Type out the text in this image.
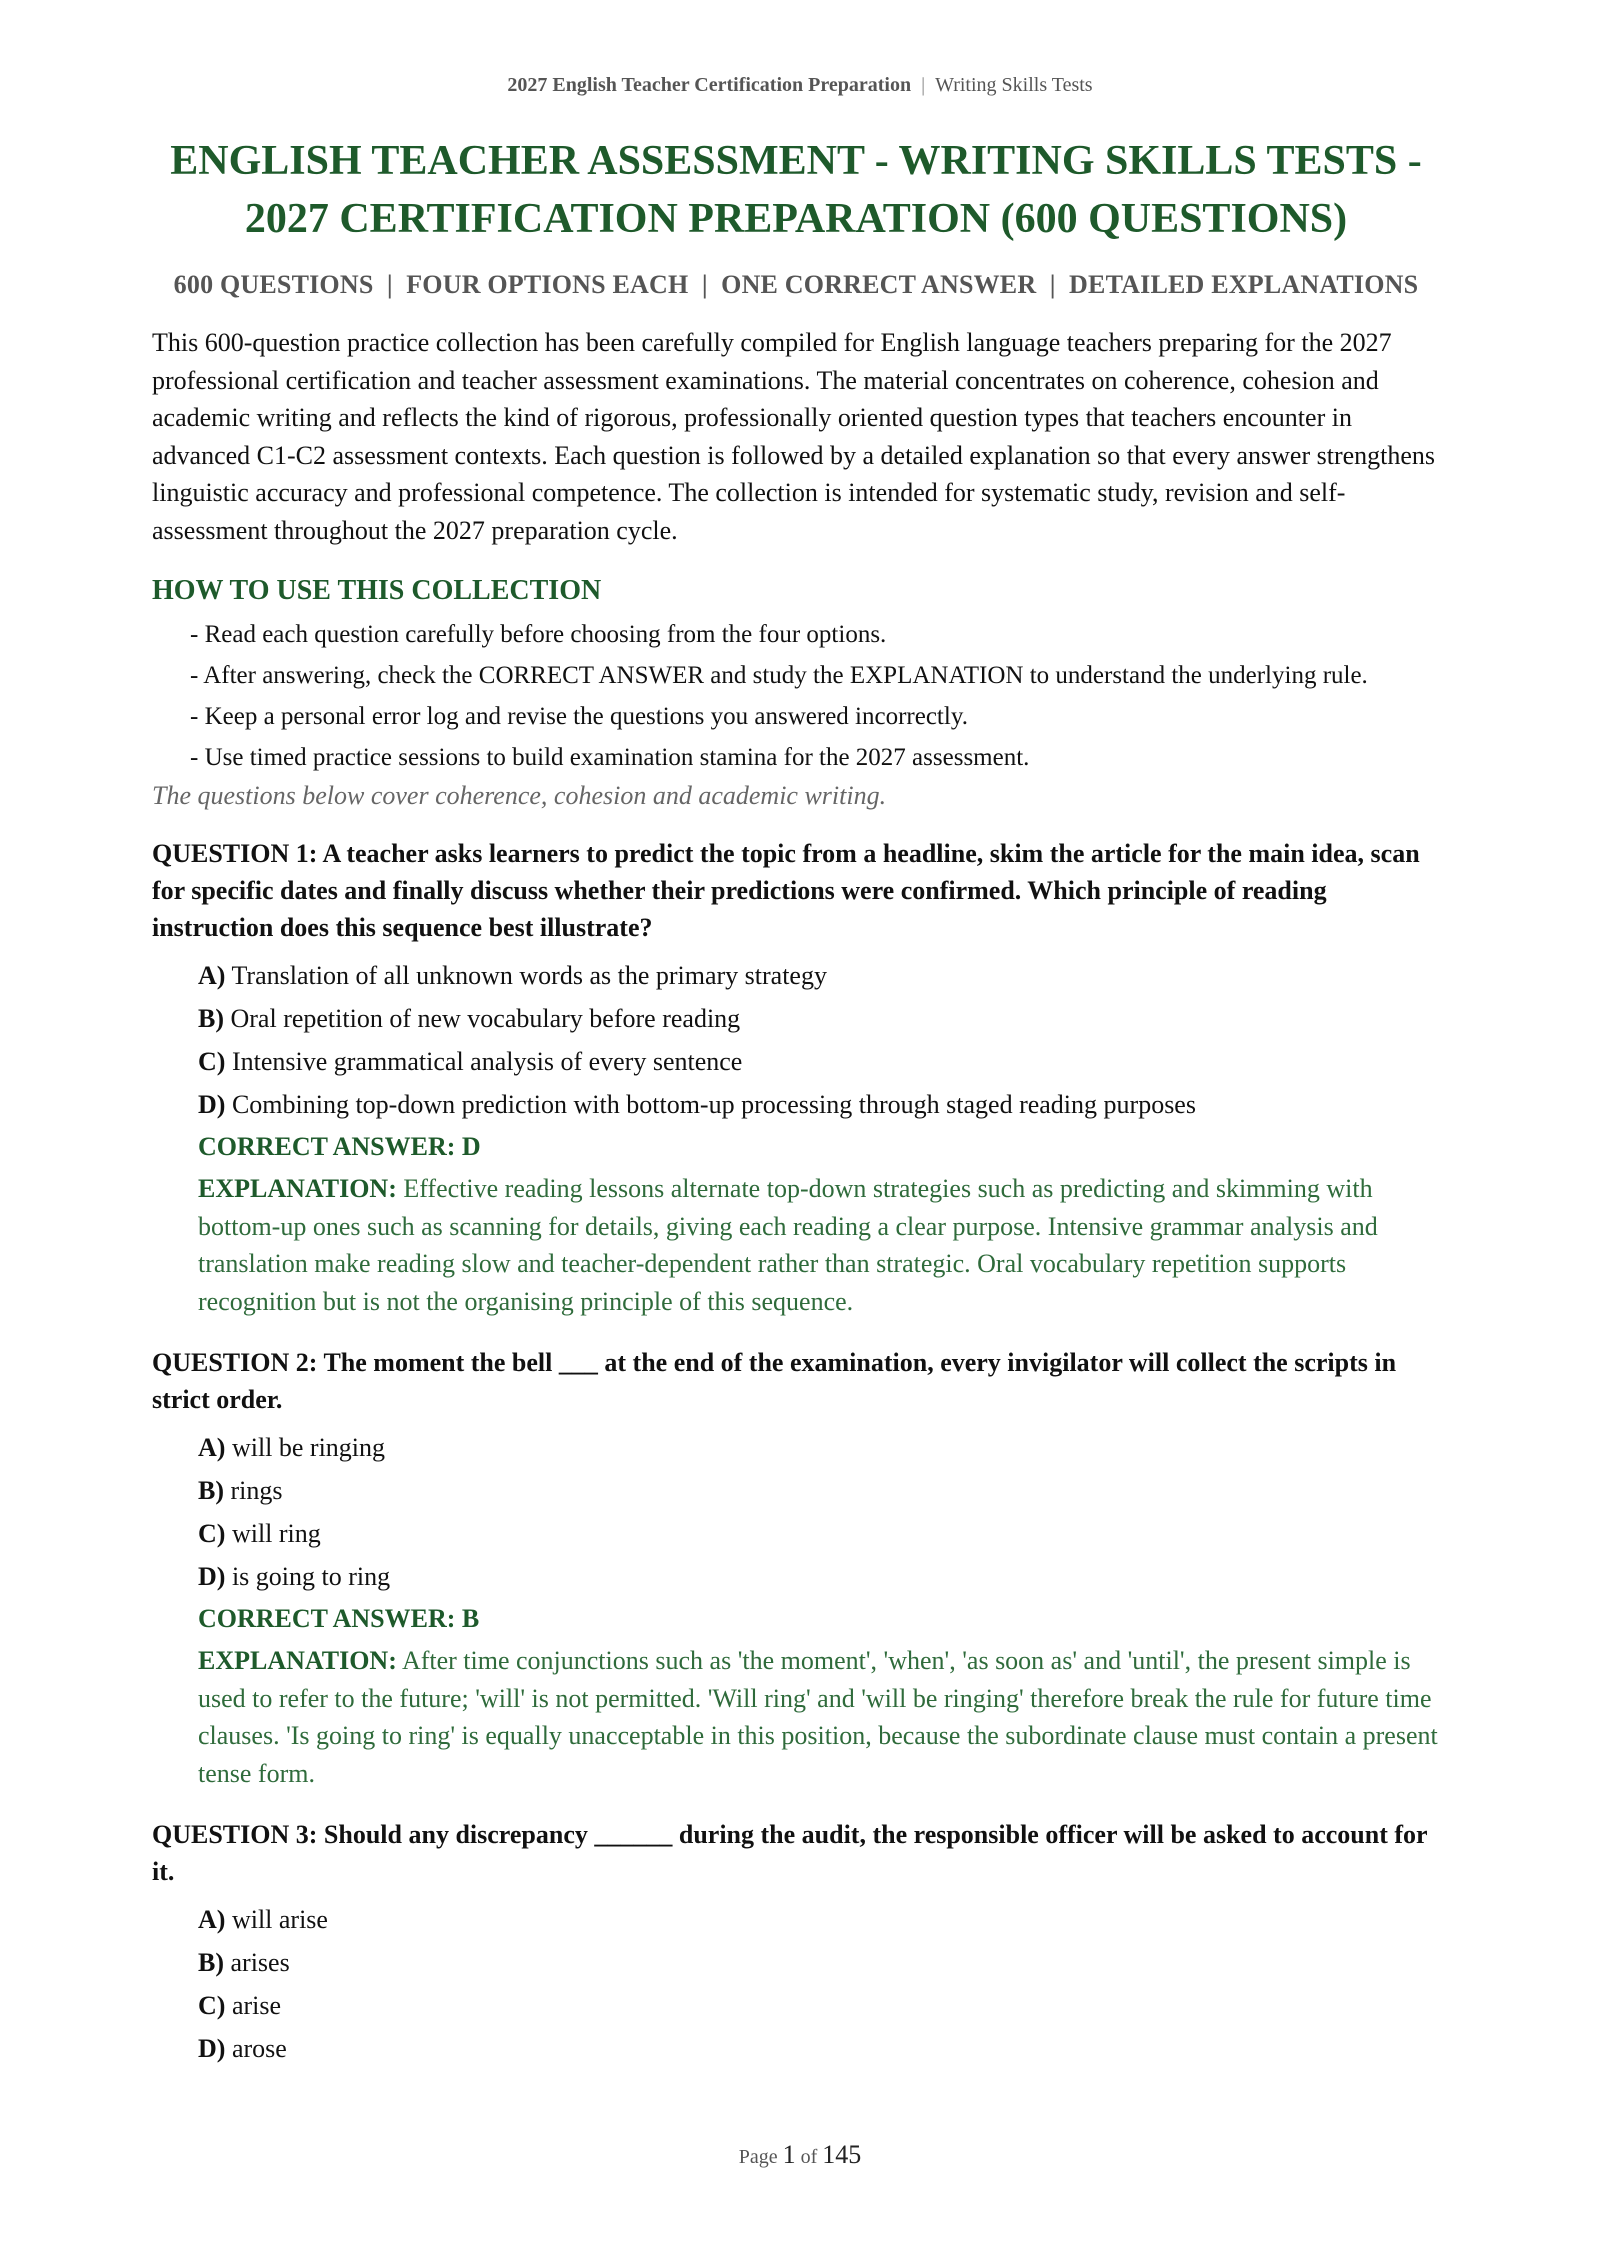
2027 English Teacher Certification Preparation | Writing Skills Tests
ENGLISH TEACHER ASSESSMENT - WRITING SKILLS TESTS -
2027 CERTIFICATION PREPARATION (600 QUESTIONS)
600 QUESTIONS  |  FOUR OPTIONS EACH  |  ONE CORRECT ANSWER  |  DETAILED EXPLANATIONS

This 600-question practice collection has been carefully compiled for English language teachers preparing for the 2027 professional certification and teacher assessment examinations. The material concentrates on coherence, cohesion and academic writing and reflects the kind of rigorous, professionally oriented question types that teachers encounter in advanced C1-C2 assessment contexts. Each question is followed by a detailed explanation so that every answer strengthens linguistic accuracy and professional competence. The collection is intended for systematic study, revision and self-assessment throughout the 2027 preparation cycle.

HOW TO USE THIS COLLECTION
- Read each question carefully before choosing from the four options.
- After answering, check the CORRECT ANSWER and study the EXPLANATION to understand the underlying rule.
- Keep a personal error log and revise the questions you answered incorrectly.
- Use timed practice sessions to build examination stamina for the 2027 assessment.
The questions below cover coherence, cohesion and academic writing.
QUESTION 1: A teacher asks learners to predict the topic from a headline, skim the article for the main idea, scan for specific dates and finally discuss whether their predictions were confirmed. Which principle of reading instruction does this sequence best illustrate?
A) Translation of all unknown words as the primary strategy
B) Oral repetition of new vocabulary before reading
C) Intensive grammatical analysis of every sentence
D) Combining top-down prediction with bottom-up processing through staged reading purposes
CORRECT ANSWER: D
EXPLANATION: Effective reading lessons alternate top-down strategies such as predicting and skimming with bottom-up ones such as scanning for details, giving each reading a clear purpose. Intensive grammar analysis and translation make reading slow and teacher-dependent rather than strategic. Oral vocabulary repetition supports recognition but is not the organising principle of this sequence.
QUESTION 2: The moment the bell ___ at the end of the examination, every invigilator will collect the scripts in strict order.
A) will be ringing
B) rings
C) will ring
D) is going to ring
CORRECT ANSWER: B
EXPLANATION: After time conjunctions such as 'the moment', 'when', 'as soon as' and 'until', the present simple is used to refer to the future; 'will' is not permitted. 'Will ring' and 'will be ringing' therefore break the rule for future time clauses. 'Is going to ring' is equally unacceptable in this position, because the subordinate clause must contain a present tense form.
QUESTION 3: Should any discrepancy ______ during the audit, the responsible officer will be asked to account for it.
A) will arise
B) arises
C) arise
D) arose
Page 1 of 145
